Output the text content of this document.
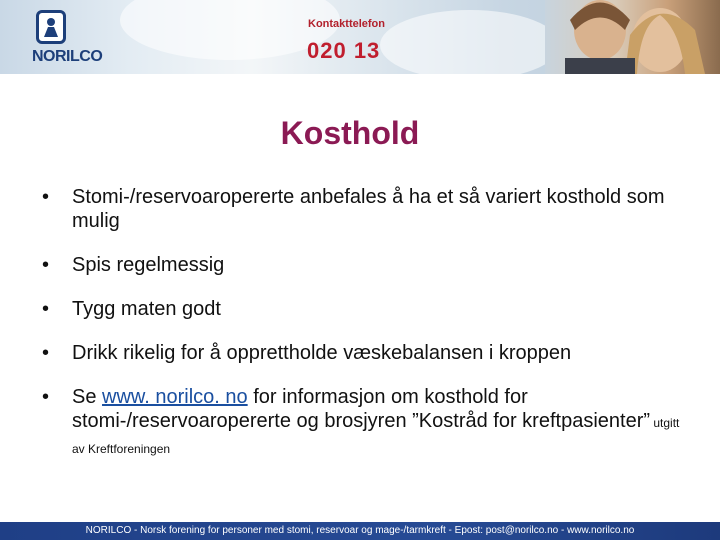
NORILCO
Kontakttelefon
020 13
Kosthold
• Stomi-/reservoaropererte anbefales å ha et så variert kosthold som mulig
• Spis regelmessig
• Tygg maten godt
• Drikk rikelig for å opprettholde væskebalansen i kroppen
• Se www. norilco. no for informasjon om kosthold for stomi-/reservoaropererte og brosjyren ”Kostråd for kreftpasienter” utgitt av Kreftforeningen
NORILCO - Norsk forening for personer med stomi, reservoar og mage-/tarmkreft - Epost: post@norilco.no - www.norilco.no
